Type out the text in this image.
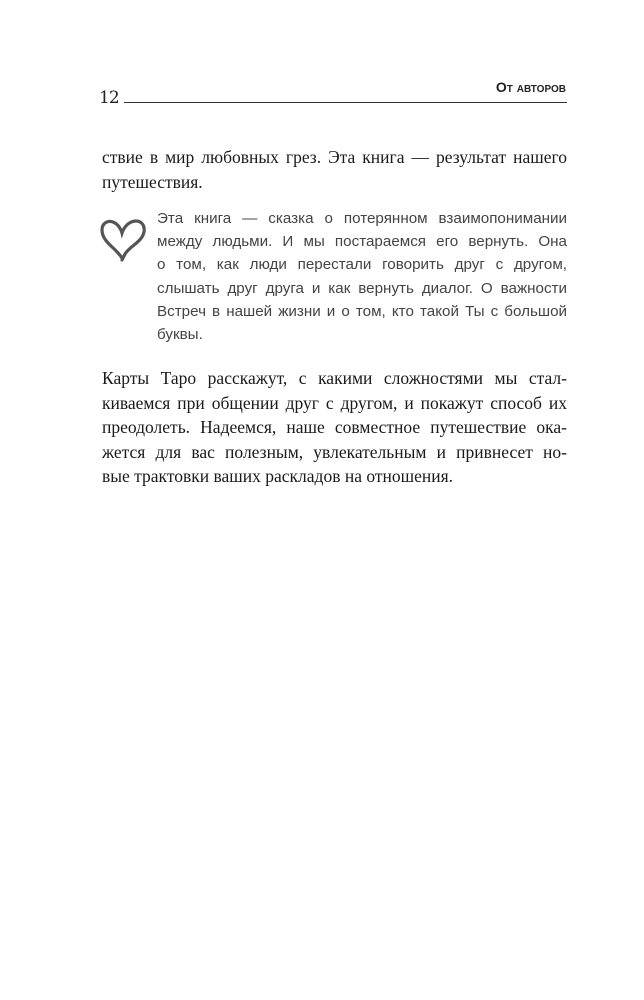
12
От авторов
ствие в мир любовных грез. Эта книга — результат нашего
путешествия.
Эта книга — сказка о потерянном взаимопонимании
между людьми. И мы постараемся его вернуть. Она
о том, как люди перестали говорить друг с другом,
слышать друг друга и как вернуть диалог. О важности
Встреч в нашей жизни и о том, кто такой Ты с большой
буквы.
Карты Таро расскажут, с какими сложностями мы стал-
киваемся при общении друг с другом, и покажут способ их
преодолеть. Надеемся, наше совместное путешествие ока-
жется для вас полезным, увлекательным и привнесет но-
вые трактовки ваших раскладов на отношения.
